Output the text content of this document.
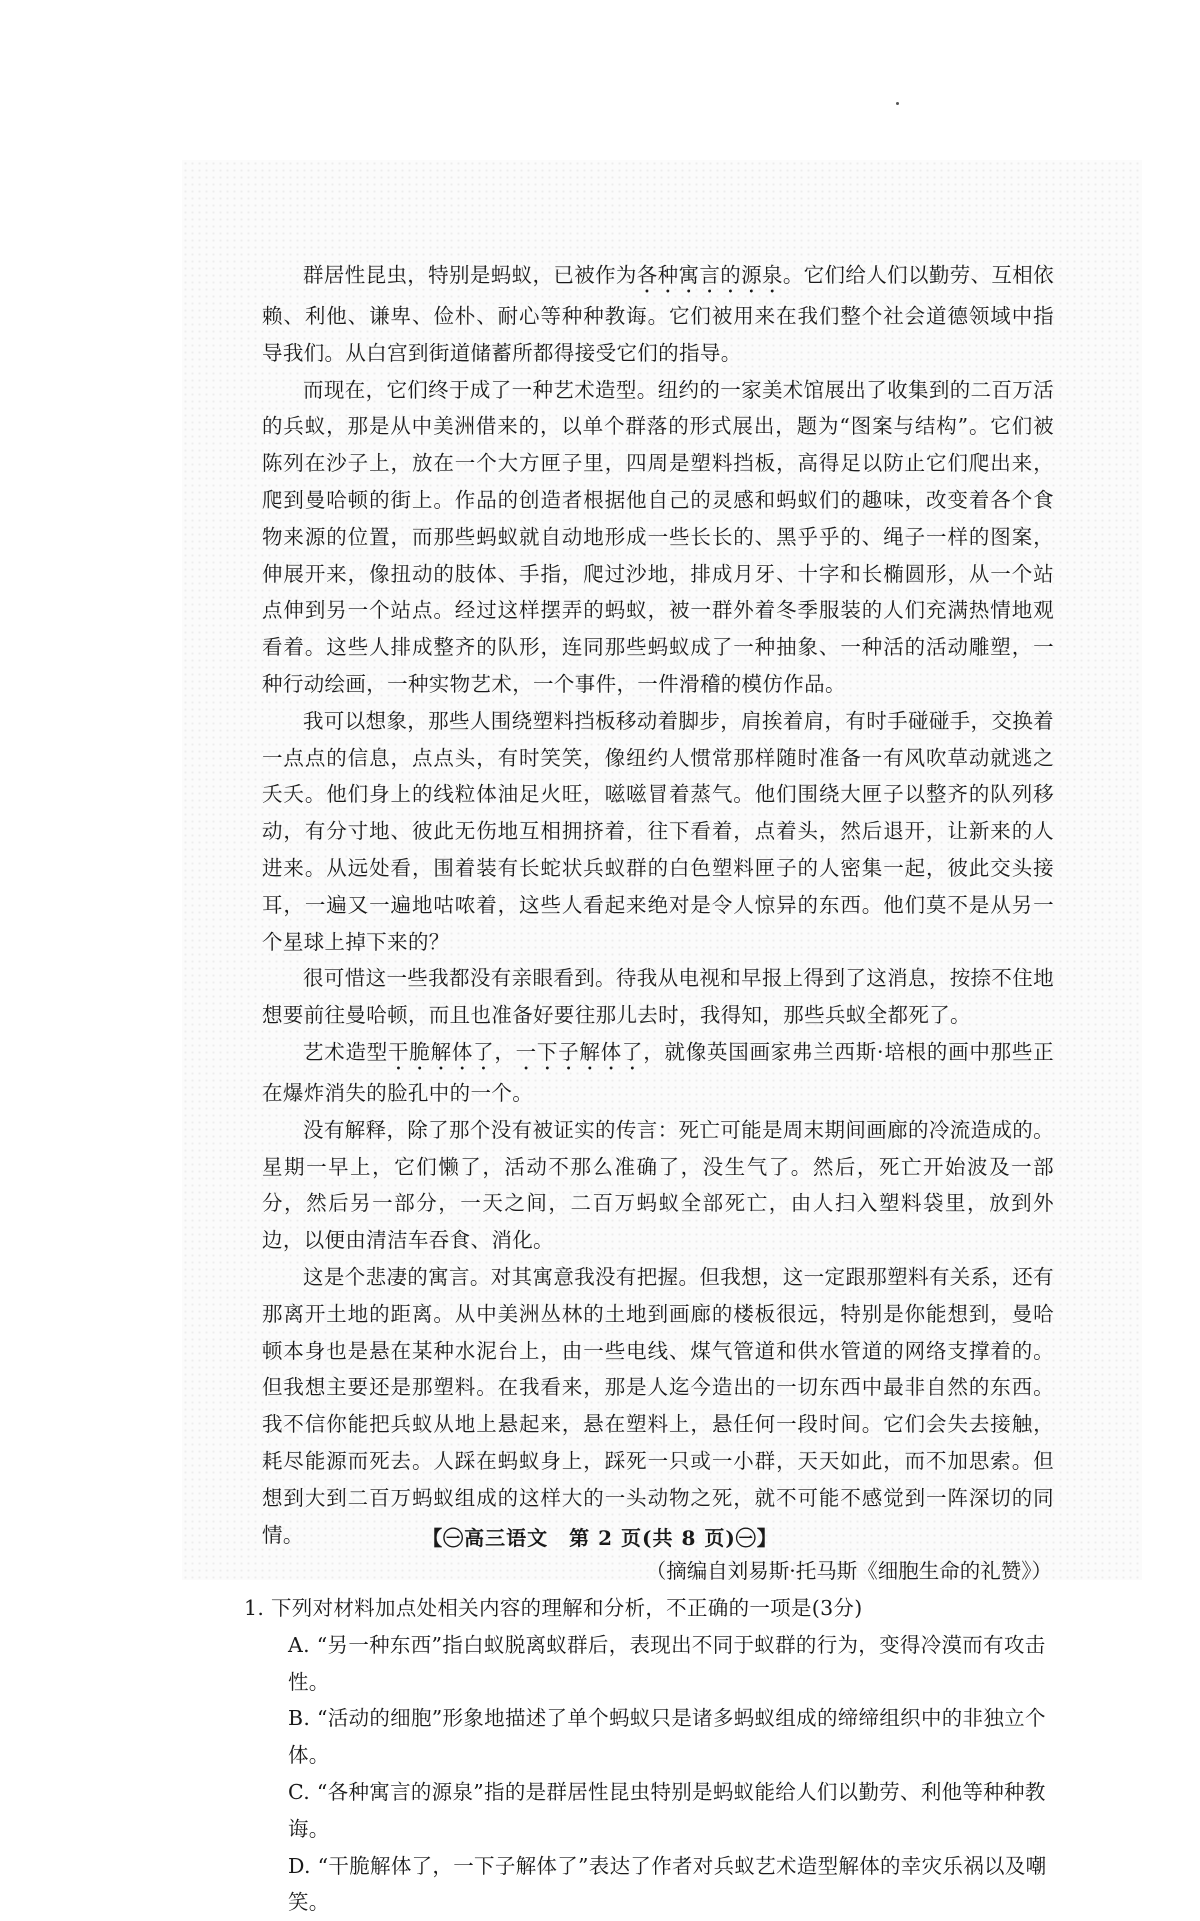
群居性昆虫，特别是蚂蚁，已被作为各种寓言的源泉。它们给人们以勤劳、互相依赖、利他、谦卑、俭朴、耐心等种种教诲。它们被用来在我们整个社会道德领域中指导我们。从白宫到街道储蓄所都得接受它们的指导。

而现在，它们终于成了一种艺术造型。纽约的一家美术馆展出了收集到的二百万活的兵蚁，那是从中美洲借来的，以单个群落的形式展出，题为“图案与结构”。它们被陈列在沙子上，放在一个大方匣子里，四周是塑料挡板，高得足以防止它们爬出来，爬到曼哈顿的街上。作品的创造者根据他自己的灵感和蚂蚁们的趣味，改变着各个食物来源的位置，而那些蚂蚁就自动地形成一些长长的、黑乎乎的、绳子一样的图案，伸展开来，像扭动的肢体、手指，爬过沙地，排成月牙、十字和长椭圆形，从一个站点伸到另一个站点。经过这样摆弄的蚂蚁，被一群外着冬季服装的人们充满热情地观看着。这些人排成整齐的队形，连同那些蚂蚁成了一种抽象、一种活的活动雕塑，一种行动绘画，一种实物艺术，一个事件，一件滑稽的模仿作品。

我可以想象，那些人围绕塑料挡板移动着脚步，肩挨着肩，有时手碰碰手，交换着一点点的信息，点点头，有时笑笑，像纽约人惯常那样随时准备一有风吹草动就逃之夭夭。他们身上的线粒体油足火旺，嗞嗞冒着蒸气。他们围绕大匣子以整齐的队列移动，有分寸地、彼此无伤地互相拥挤着，往下看着，点着头，然后退开，让新来的人进来。从远处看，围着装有长蛇状兵蚁群的白色塑料匣子的人密集一起，彼此交头接耳，一遍又一遍地咕哝着，这些人看起来绝对是令人惊异的东西。他们莫不是从另一个星球上掉下来的？

很可惜这一些我都没有亲眼看到。待我从电视和早报上得到了这消息，按捺不住地想要前往曼哈顿，而且也准备好要往那儿去时，我得知，那些兵蚁全都死了。

艺术造型干脆解体了，一下子解体了，就像英国画家弗兰西斯·培根的画中那些正在爆炸消失的脸孔中的一个。

没有解释，除了那个没有被证实的传言：死亡可能是周末期间画廊的冷流造成的。星期一早上，它们懒了，活动不那么准确了，没生气了。然后，死亡开始波及一部分，然后另一部分，一天之间，二百万蚂蚁全部死亡，由人扫入塑料袋里，放到外边，以便由清洁车吞食、消化。

这是个悲凄的寓言。对其寓意我没有把握。但我想，这一定跟那塑料有关系，还有那离开土地的距离。从中美洲丛林的土地到画廊的楼板很远，特别是你能想到，曼哈顿本身也是悬在某种水泥台上，由一些电线、煤气管道和供水管道的网络支撑着的。但我想主要还是那塑料。在我看来，那是人迄今造出的一切东西中最非自然的东西。我不信你能把兵蚁从地上悬起来，悬在塑料上，悬任何一段时间。它们会失去接触，耗尽能源而死去。人踩在蚂蚁身上，踩死一只或一小群，天天如此，而不加思索。但想到大到二百万蚂蚁组成的这样大的一头动物之死，就不可能不感觉到一阵深切的同情。

（摘编自刘易斯·托马斯《细胞生命的礼赞》）

1. 下列对材料加点处相关内容的理解和分析，不正确的一项是(3分)

A. “另一种东西”指白蚁脱离蚁群后，表现出不同于蚁群的行为，变得冷漠而有攻击性。

B. “活动的细胞”形象地描述了单个蚂蚁只是诸多蚂蚁组成的缔缔组织中的非独立个体。

C. “各种寓言的源泉”指的是群居性昆虫特别是蚂蚁能给人们以勤劳、利他等种种教诲。

D. “干脆解体了，一下子解体了”表达了作者对兵蚁艺术造型解体的幸灾乐祸以及嘲笑。

【㊀高三语文　第 2 页(共 8 页)㊀】
